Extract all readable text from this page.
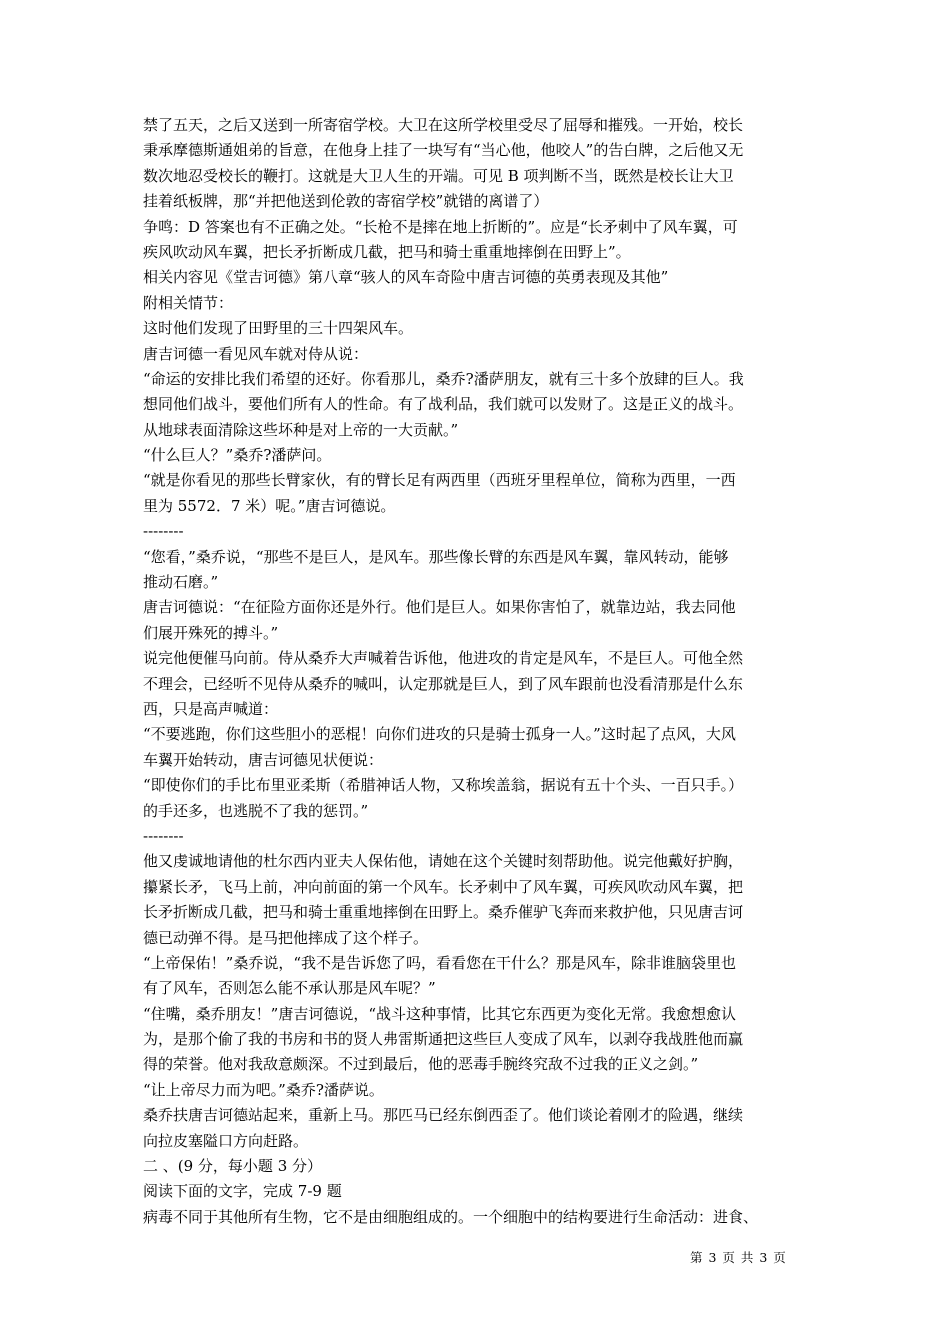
禁了五天，之后又送到一所寄宿学校。大卫在这所学校里受尽了屈辱和摧残。一开始，校长
秉承摩德斯通姐弟的旨意，在他身上挂了一块写有“当心他，他咬人”的告白牌，之后他又无
数次地忍受校长的鞭打。这就是大卫人生的开端。可见 B 项判断不当，既然是校长让大卫
挂着纸板牌，那“并把他送到伦敦的寄宿学校”就错的离谱了）
争鸣：D 答案也有不正确之处。“长枪不是摔在地上折断的”。应是“长矛刺中了风车翼，可
疾风吹动风车翼，把长矛折断成几截，把马和骑士重重地摔倒在田野上”。
相关内容见《堂吉诃德》第八章“骇人的风车奇险中唐吉诃德的英勇表现及其他”
附相关情节：
这时他们发现了田野里的三十四架风车。
唐吉诃德一看见风车就对侍从说：
“命运的安排比我们希望的还好。你看那儿，桑乔?潘萨朋友，就有三十多个放肆的巨人。我
想同他们战斗，要他们所有人的性命。有了战利品，我们就可以发财了。这是正义的战斗。
从地球表面清除这些坏种是对上帝的一大贡献。”
“什么巨人？”桑乔?潘萨问。
“就是你看见的那些长臂家伙，有的臂长足有两西里（西班牙里程单位，简称为西里，一西
里为 5572．7 米）呢。”唐吉诃德说。
--------
“您看，”桑乔说，“那些不是巨人，是风车。那些像长臂的东西是风车翼，靠风转动，能够
推动石磨。”
唐吉诃德说：“在征险方面你还是外行。他们是巨人。如果你害怕了，就靠边站，我去同他
们展开殊死的搏斗。”
说完他便催马向前。侍从桑乔大声喊着告诉他，他进攻的肯定是风车，不是巨人。可他全然
不理会，已经听不见侍从桑乔的喊叫，认定那就是巨人，到了风车跟前也没看清那是什么东
西，只是高声喊道：
“不要逃跑，你们这些胆小的恶棍！向你们进攻的只是骑士孤身一人。”这时起了点风，大风
车翼开始转动，唐吉诃德见状便说：
“即使你们的手比布里亚柔斯（希腊神话人物，又称埃盖翁，据说有五十个头、一百只手。）
的手还多，也逃脱不了我的惩罚。”
--------
他又虔诚地请他的杜尔西内亚夫人保佑他，请她在这个关键时刻帮助他。说完他戴好护胸，
攥紧长矛，飞马上前，冲向前面的第一个风车。长矛刺中了风车翼，可疾风吹动风车翼，把
长矛折断成几截，把马和骑士重重地摔倒在田野上。桑乔催驴飞奔而来救护他，只见唐吉诃
德已动弹不得。是马把他摔成了这个样子。
“上帝保佑！”桑乔说，“我不是告诉您了吗，看看您在干什么？那是风车，除非谁脑袋里也
有了风车，否则怎么能不承认那是风车呢？”
“住嘴，桑乔朋友！”唐吉诃德说，“战斗这种事情，比其它东西更为变化无常。我愈想愈认
为，是那个偷了我的书房和书的贤人弗雷斯通把这些巨人变成了风车，以剥夺我战胜他而赢
得的荣誉。他对我敌意颇深。不过到最后，他的恶毒手腕终究敌不过我的正义之剑。”
“让上帝尽力而为吧。”桑乔?潘萨说。
桑乔扶唐吉诃德站起来，重新上马。那匹马已经东倒西歪了。他们谈论着刚才的险遇，继续
向拉皮塞隘口方向赶路。
二 、(9 分，每小题 3 分）
阅读下面的文字，完成 7-9 题
病毒不同于其他所有生物，它不是由细胞组成的。一个细胞中的结构要进行生命活动：进食、
第 3 页 共 3 页
